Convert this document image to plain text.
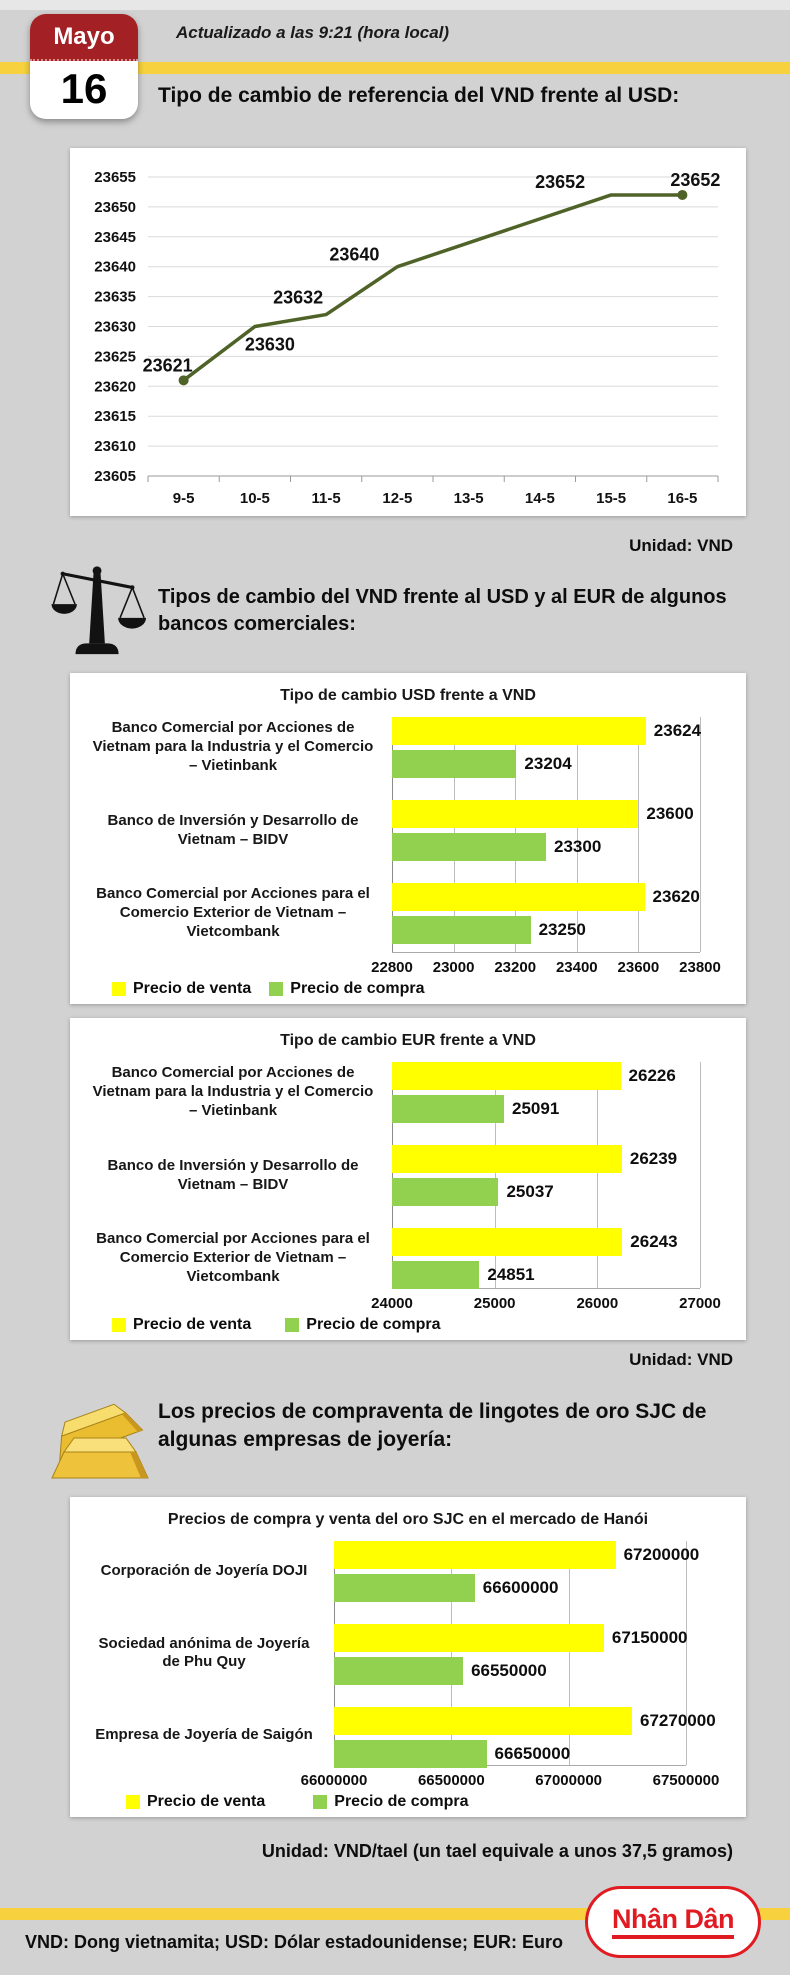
Mayo
16
Actualizado a las 9:21 (hora local)
Tipo de cambio de referencia del VND frente al USD:
23655
23650
23645
23640
23635
23630
23625
23620
23615
23610
23605
9-5	10-5	11-5	12-5	13-5	14-5	15-5	16-5
23621
23630
23632
23640
23652	23652
Unidad: VND
Tipos de cambio del VND frente al USD y al EUR de algunos bancos comerciales:
Tipo de cambio USD frente a VND
Banco Comercial por Acciones de Vietnam para la Industria y el Comercio – Vietinbank
Banco de Inversión y Desarrollo de Vietnam – BIDV
Banco Comercial por Acciones para el Comercio Exterior de Vietnam – Vietcombank
23624
23204
23600
23300
23620
23250
22800 23000 23200 23400 23600 23800
Precio de venta Precio de compra
Tipo de cambio EUR frente a VND
Banco Comercial por Acciones de Vietnam para la Industria y el Comercio – Vietinbank
Banco de Inversión y Desarrollo de Vietnam – BIDV
Banco Comercial por Acciones para el Comercio Exterior de Vietnam – Vietcombank
26226
25091
26239
25037
26243
24851
24000	25000	26000	27000
Precio de venta	Precio de compra
Unidad: VND
Los precios de compraventa de lingotes de oro SJC de algunas empresas de joyería:
Precios de compra y venta del oro SJC en el mercado de Hanói
Corporación de Joyería DOJI
Sociedad anónima de Joyería de Phu Quy
Empresa de Joyería de Saigón
67200000
66600000
67150000
66550000
67270000
66650000
66000000	66500000	67000000	67500000
Precio de venta	Precio de compra
Unidad: VND/tael (un tael equivale a unos 37,5 gramos)
VND: Dong vietnamita; USD: Dólar estadounidense; EUR: Euro
Nhân Dân
